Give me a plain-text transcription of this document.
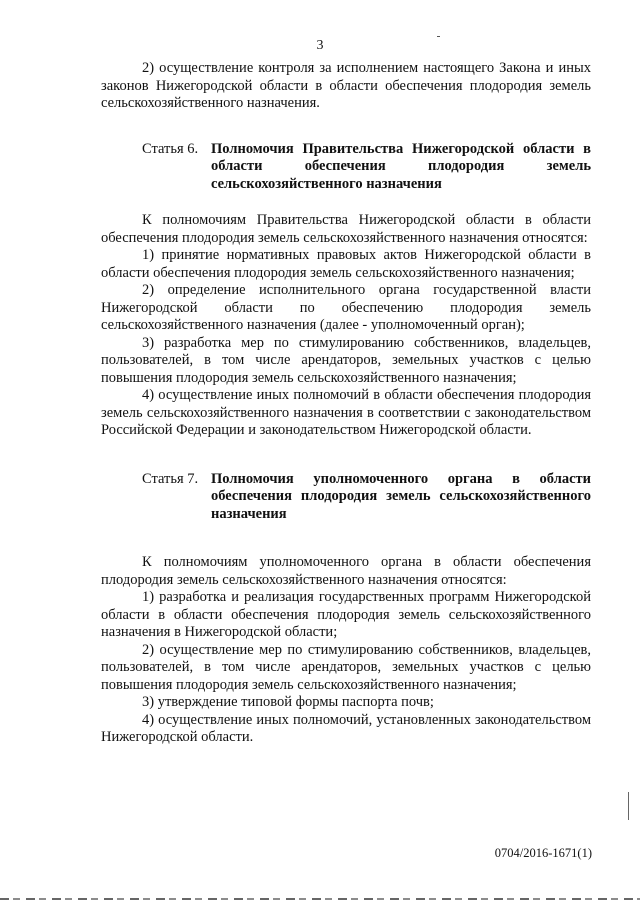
3

2) осуществление контроля за исполнением настоящего Закона и иных законов Нижегородской области в области обеспечения плодородия земель сельскохозяйственного назначения.

Статья 6. Полномочия Правительства Нижегородской области в области обеспечения плодородия земель сельскохозяйственного назначения

К полномочиям Правительства Нижегородской области в области обеспечения плодородия земель сельскохозяйственного назначения относятся:

1) принятие нормативных правовых актов Нижегородской области в области обеспечения плодородия земель сельскохозяйственного назначения;

2) определение исполнительного органа государственной власти Нижегородской области по обеспечению плодородия земель сельскохозяйственного назначения (далее - уполномоченный орган);

3) разработка мер по стимулированию собственников, владельцев, пользователей, в том числе арендаторов, земельных участков с целью повышения плодородия земель сельскохозяйственного назначения;

4) осуществление иных полномочий в области обеспечения плодородия земель сельскохозяйственного назначения в соответствии с законодательством Российской Федерации и законодательством Нижегородской области.

Статья 7. Полномочия уполномоченного органа в области обеспечения плодородия земель сельскохозяйственного назначения

К полномочиям уполномоченного органа в области обеспечения плодородия земель сельскохозяйственного назначения относятся:

1) разработка и реализация государственных программ Нижегородской области в области обеспечения плодородия земель сельскохозяйственного назначения в Нижегородской области;

2) осуществление мер по стимулированию собственников, владельцев, пользователей, в том числе арендаторов, земельных участков с целью повышения плодородия земель сельскохозяйственного назначения;

3) утверждение типовой формы паспорта почв;

4) осуществление иных полномочий, установленных законодательством Нижегородской области.

0704/2016-1671(1)
